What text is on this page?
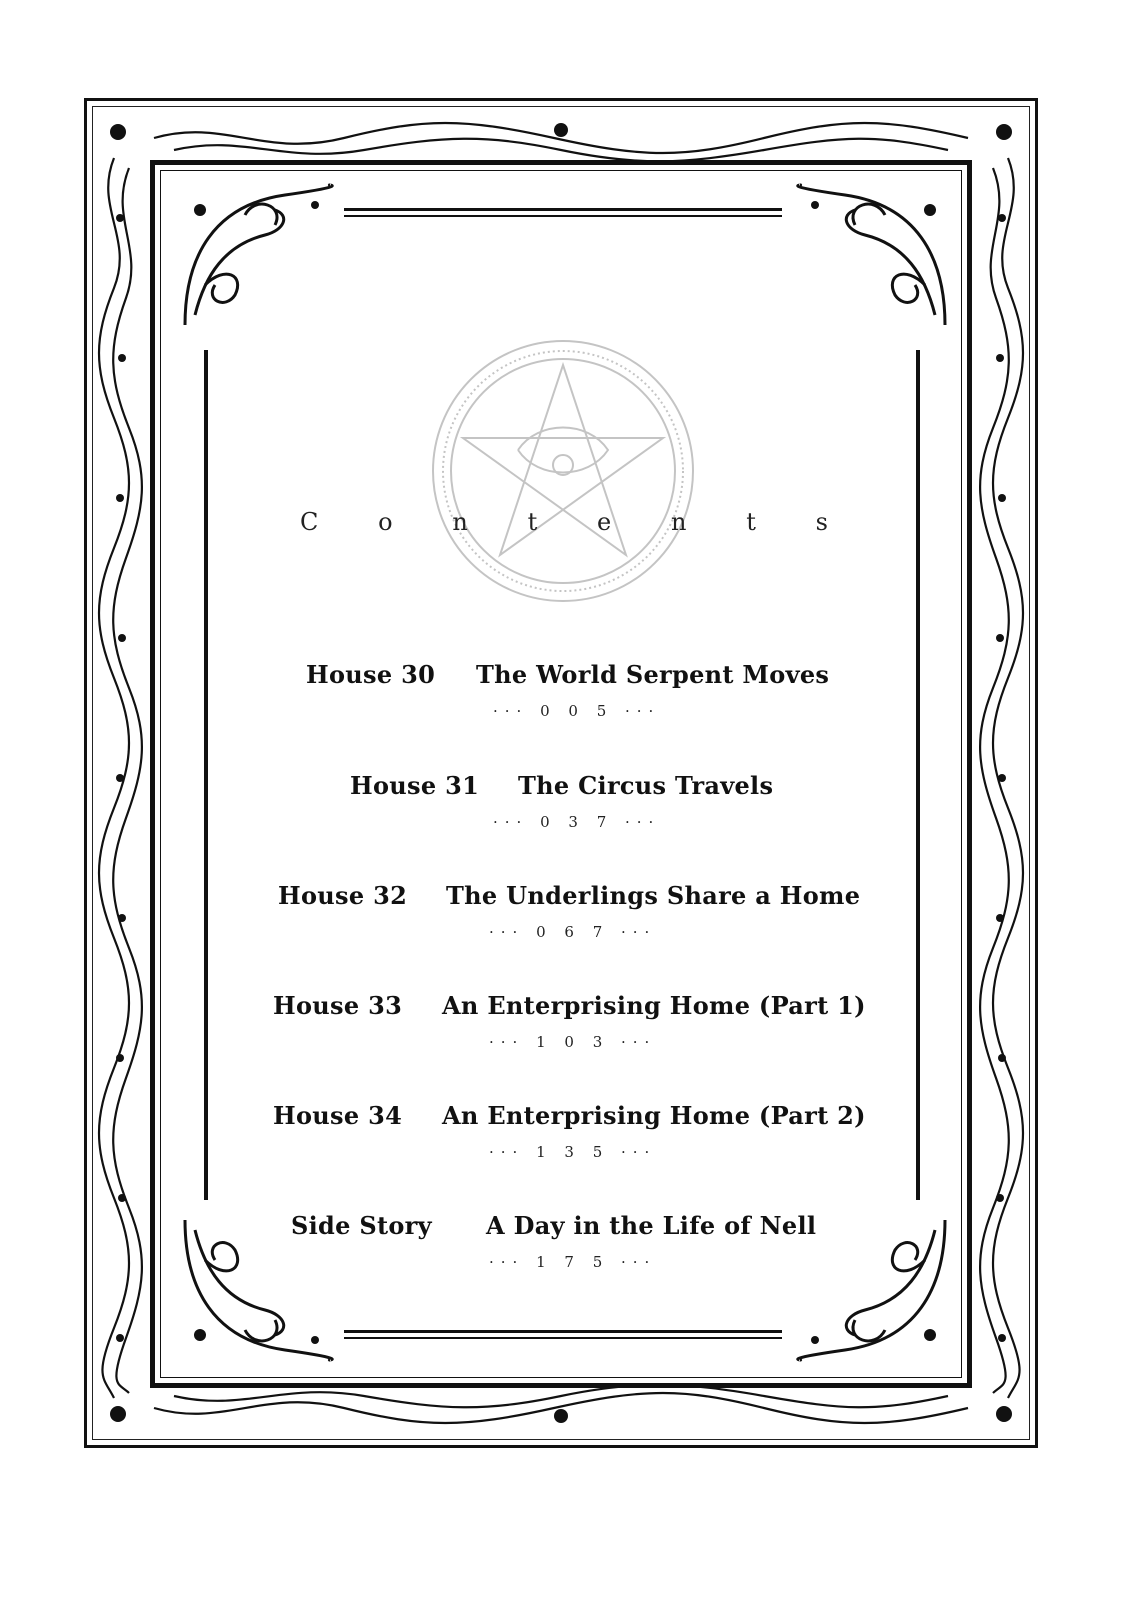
C o n t e n t s
House 30 The World Serpent Moves
··· 0 0 5 ···
House 31 The Circus Travels
··· 0 3 7 ···
House 32 The Underlings Share a Home
··· 0 6 7 ···
House 33 An Enterprising Home (Part 1)
··· 1 0 3 ···
House 34 An Enterprising Home (Part 2)
··· 1 3 5 ···
Side Story A Day in the Life of Nell
··· 1 7 5 ···
